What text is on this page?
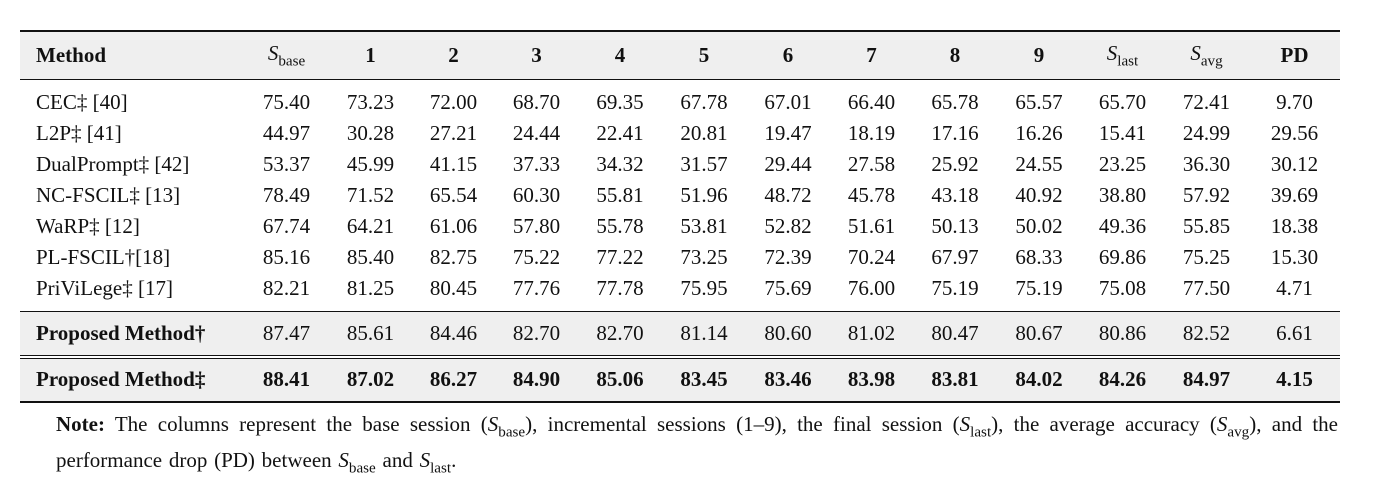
Method	$S_{base}$	1	2	3	4	5	6	7	8	9	$S_{last}$	$S_{avg}$	PD

CEC‡ [40]	75.40	73.23	72.00	68.70	69.35	67.78	67.01	66.40	65.78	65.57	65.70	72.41	9.70
L2P‡ [41]	44.97	30.28	27.21	24.44	22.41	20.81	19.47	18.19	17.16	16.26	15.41	24.99	29.56
DualPrompt‡ [42]	53.37	45.99	41.15	37.33	34.32	31.57	29.44	27.58	25.92	24.55	23.25	36.30	30.12
NC-FSCIL‡ [13]	78.49	71.52	65.54	60.30	55.81	51.96	48.72	45.78	43.18	40.92	38.80	57.92	39.69
WaRP‡ [12]	67.74	64.21	61.06	57.80	55.78	53.81	52.82	51.61	50.13	50.02	49.36	55.85	18.38
PL-FSCIL†[18]	85.16	85.40	82.75	75.22	77.22	73.25	72.39	70.24	67.97	68.33	69.86	75.25	15.30
PriViLege‡ [17]	82.21	81.25	80.45	77.76	77.78	75.95	75.69	76.00	75.19	75.19	75.08	77.50	4.71

Proposed Method†	87.47	85.61	84.46	82.70	82.70	81.14	80.60	81.02	80.47	80.67	80.86	82.52	6.61

Proposed Method‡	88.41	87.02	86.27	84.90	85.06	83.45	83.46	83.98	83.81	84.02	84.26	84.97	4.15
Note: The columns represent the base session $(S_{base})$, incremental sessions (1–9), the final session $(S_{last})$, the average accuracy $(S_{avg})$, and the performance drop (PD) between $S_{base}$ and $S_{last}$.
